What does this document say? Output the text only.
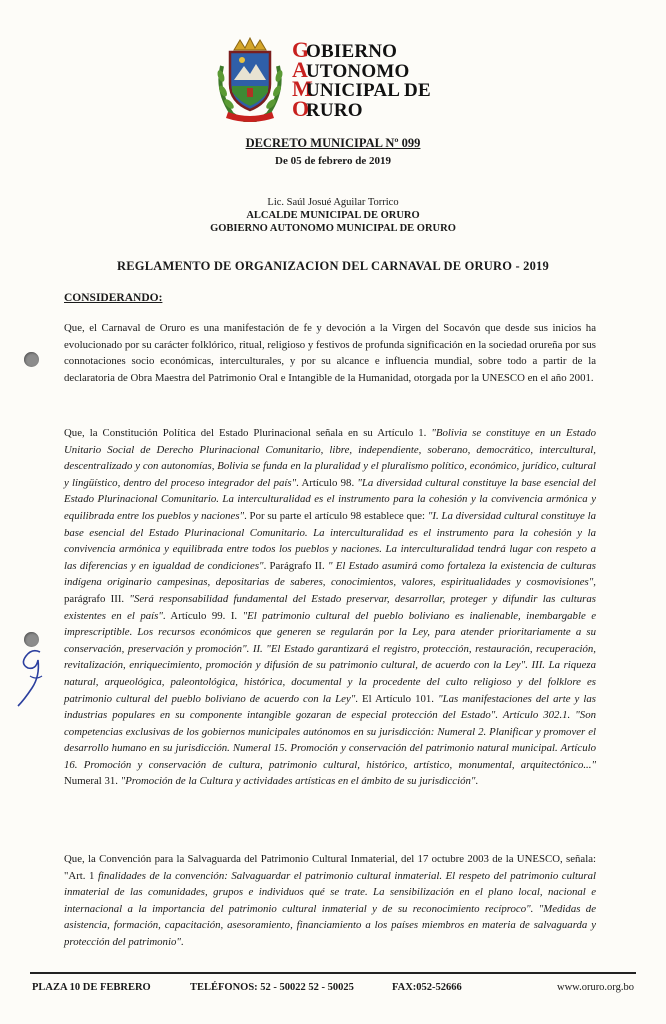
GOBIERNO
AUTONOMO
MUNICIPAL DE
ORURO
DECRETO MUNICIPAL Nº 099
De 05 de febrero de 2019
Lic. Saúl Josué Aguilar Torrico
ALCALDE MUNICIPAL DE ORURO
GOBIERNO AUTONOMO MUNICIPAL DE ORURO
REGLAMENTO DE ORGANIZACION DEL CARNAVAL DE ORURO - 2019
CONSIDERANDO:
Que, el Carnaval de Oruro es una manifestación de fe y devoción a la Virgen del Socavón que desde sus inicios ha evolucionado por su carácter folklórico, ritual, religioso y festivos de profunda significación en la sociedad orureña por sus connotaciones socio económicas, interculturales, y por su alcance e influencia mundial, sobre todo a partir de la declaratoria de Obra Maestra del Patrimonio Oral e Intangible de la Humanidad, otorgada por la UNESCO en el año 2001.
Que, la Constitución Política del Estado Plurinacional señala en su Artículo 1. "Bolivia se constituye en un Estado Unitario Social de Derecho Plurinacional Comunitario, libre, independiente, soberano, democrático, intercultural, descentralizado y con autonomías, Bolivia se funda en la pluralidad y el pluralismo político, económico, jurídico, cultural y lingüístico, dentro del proceso integrador del país". Artículo 98. "La diversidad cultural constituye la base esencial del Estado Plurinacional Comunitario. La interculturalidad es el instrumento para la cohesión y la convivencia armónica y equilibrada entre los pueblos y naciones". Por su parte el artículo 98 establece que: "I. La diversidad cultural constituye la base esencial del Estado Plurinacional Comunitario. La interculturalidad es el instrumento para la cohesión y la convivencia armónica y equilibrada entre todos los pueblos y naciones. La interculturalidad tendrá lugar con respeto a las diferencias y en igualdad de condiciones". Parágrafo II. " El Estado asumirá como fortaleza la existencia de culturas indígena originario campesinas, depositarias de saberes, conocimientos, valores, espiritualidades y cosmovisiones", parágrafo III. "Será responsabilidad fundamental del Estado preservar, desarrollar, proteger y difundir las culturas existentes en el país". Artículo 99. I. "El patrimonio cultural del pueblo boliviano es inalienable, inembargable e imprescriptible. Los recursos económicos que generen se regularán por la Ley, para atender prioritariamente a su conservación, preservación y promoción". II. "El Estado garantizará el registro, protección, restauración, recuperación, revitalización, enriquecimiento, promoción y difusión de su patrimonio cultural, de acuerdo con la Ley". III. La riqueza natural, arqueológica, paleontológica, histórica, documental y la procedente del culto religioso y del folklore es patrimonio cultural del pueblo boliviano de acuerdo con la Ley". El Artículo 101. "Las manifestaciones del arte y las industrias populares en su componente intangible gozaran de especial protección del Estado". Artículo 302.1. "Son competencias exclusivas de los gobiernos municipales autónomos en su jurisdicción: Numeral 2. Planificar y promover el desarrollo humano en su jurisdicción. Numeral 15. Promoción y conservación del patrimonio natural municipal. Artículo 16. Promoción y conservación de cultura, patrimonio cultural, histórico, artístico, monumental, arquitectónico..." Numeral 31. "Promoción de la Cultura y actividades artísticas en el ámbito de su jurisdicción".
Que, la Convención para la Salvaguarda del Patrimonio Cultural Inmaterial, del 17 octubre 2003 de la UNESCO, señala: "Art. 1 finalidades de la convención: Salvaguardar el patrimonio cultural inmaterial. El respeto del patrimonio cultural inmaterial de las comunidades, grupos e individuos qué se trate. La sensibilización en el plano local, nacional e internacional a la importancia del patrimonio cultural inmaterial y de su reconocimiento recíproco". "Medidas de asistencia, formación, capacitación, asesoramiento, financiamiento a los países miembros en materia de salvaguarda y protección del patrimonio".
PLAZA 10 DE FEBRERO	TELÉFONOS: 52 - 50022 52 - 50025	FAX:052-52666	www.oruro.org.bo
